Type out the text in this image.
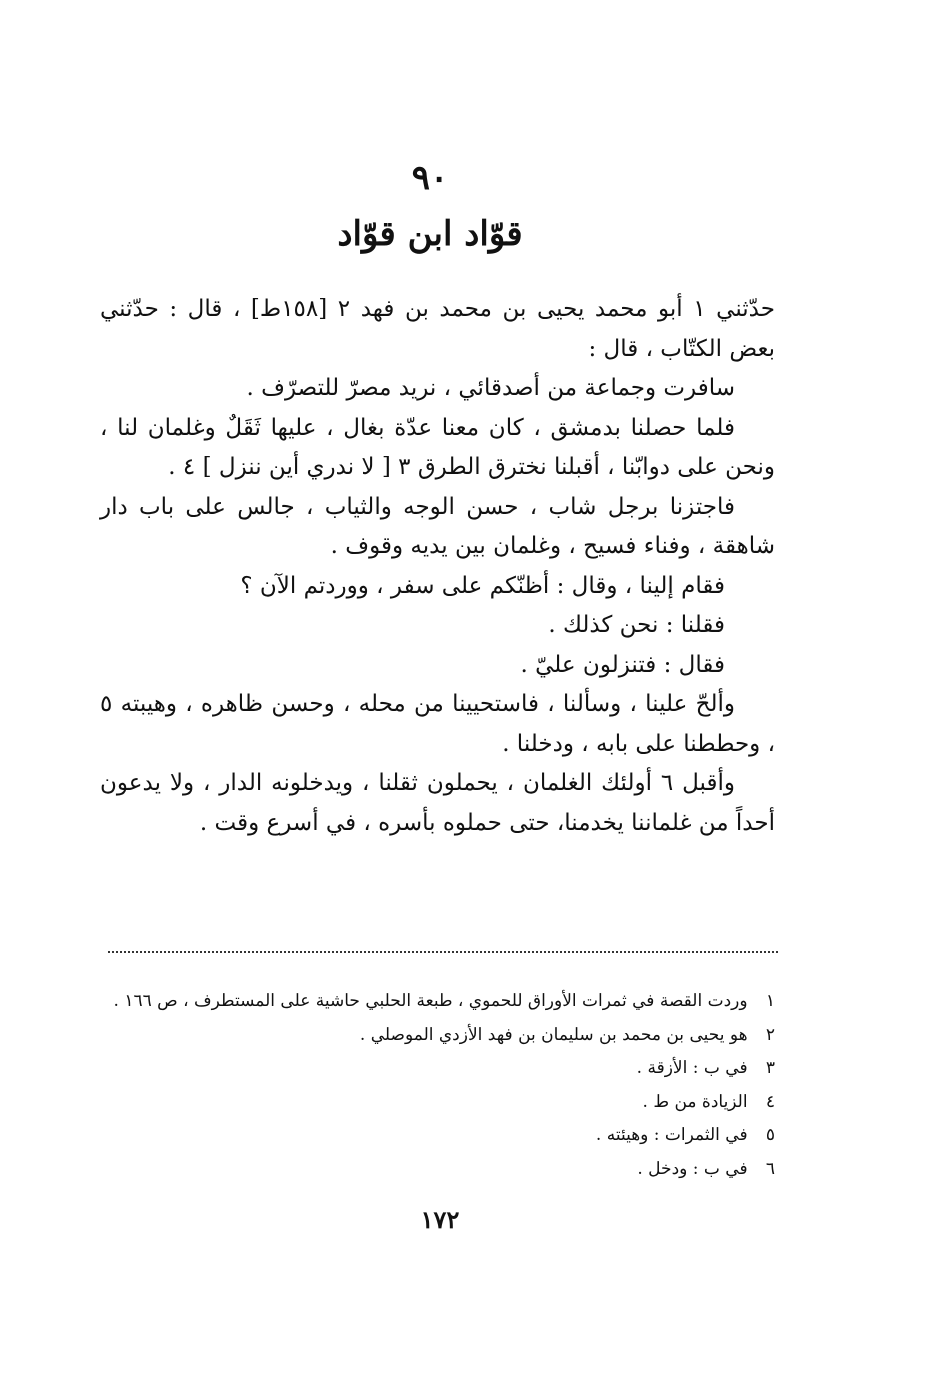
٩٠
قوّاد ابن قوّاد

حدّثني ١ أبو محمد يحيى بن محمد بن فهد ٢ [١٥٨ط] ، قال : حدّثني بعض الكتّاب ، قال :

سافرت وجماعة من أصدقائي ، نريد مصرّ للتصرّف .

فلما حصلنا بدمشق ، كان معنا عدّة بغال ، عليها ثَقَلٌ وغلمان لنا ، ونحن على دوابّنا ، أقبلنا نخترق الطرق ٣ [ لا ندري أين ننزل ] ٤ .

فاجتزنا برجل شاب ، حسن الوجه والثياب ، جالس على باب دار شاهقة ، وفناء فسيح ، وغلمان بين يديه وقوف .

فقام إلينا ، وقال : أظنّكم على سفر ، ووردتم الآن ؟

فقلنا : نحن كذلك .

فقال : فتنزلون عليّ .

وألحّ علينا ، وسألنا ، فاستحيينا من محله ، وحسن ظاهره ، وهيبته ٥ ، وحططنا على بابه ، ودخلنا .

وأقبل ٦ أولئك الغلمان ، يحملون ثقلنا ، ويدخلونه الدار ، ولا يدعون أحداً من غلماننا يخدمنا، حتى حملوه بأسره ، في أسرع وقت .

١ وردت القصة في ثمرات الأوراق للحموي ، طبعة الحلبي حاشية على المستطرف ، ص ١٦٦ .
٢ هو يحيى بن محمد بن سليمان بن فهد الأزدي الموصلي .
٣ في ب : الأزقة .
٤ الزيادة من ط .
٥ في الثمرات : وهيئته .
٦ في ب : ودخل .
١٧٢
